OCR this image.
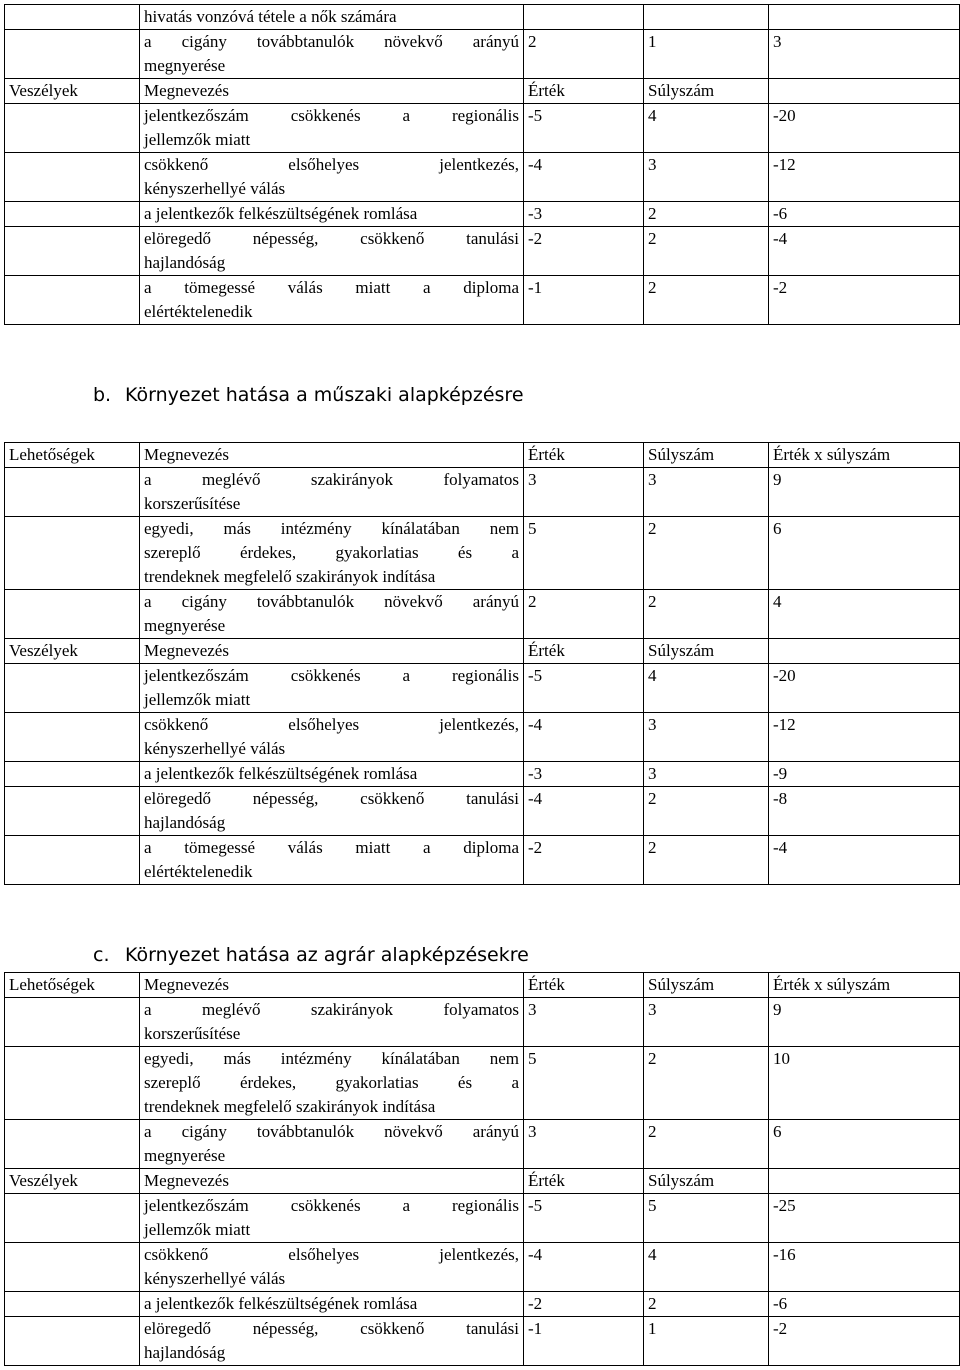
	hivatás vonzóvá tétele a nők számára			

	a cigány továbbtanulók növekvő arányú
megnyerése	2	1	3
Veszélyek	Megnevezés	Érték	Súlyszám	

	jelentkezőszám csökkenés a regionális
jellemzők miatt	-5	4	-20

	csökkenő elsőhelyes jelentkezés,
kényszerhellyé válás	-4	3	-12

	a jelentkezők felkészültségének romlása	-3	2	-6

	elöregedő népesség, csökkenő tanulási
hajlandóság	-2	2	-4

	a tömegessé válás miatt a diploma
elértéktelenedik	-1	2	-2
b. Környezet hatása a műszaki alapképzésre
Lehetőségek	Megnevezés	Érték	Súlyszám	Érték x súlyszám

	a meglévő szakirányok folyamatos
korszerűsítése	3	3	9

	egyedi, más intézmény kínálatában nem
szereplő érdekes, gyakorlatias és a
trendeknek megfelelő szakirányok indítása	5	2	6

	a cigány továbbtanulók növekvő arányú
megnyerése	2	2	4
Veszélyek	Megnevezés	Érték	Súlyszám	

	jelentkezőszám csökkenés a regionális
jellemzők miatt	-5	4	-20

	csökkenő elsőhelyes jelentkezés,
kényszerhellyé válás	-4	3	-12

	a jelentkezők felkészültségének romlása	-3	3	-9

	elöregedő népesség, csökkenő tanulási
hajlandóság	-4	2	-8

	a tömegessé válás miatt a diploma
elértéktelenedik	-2	2	-4
c. Környezet hatása az agrár alapképzésekre
Lehetőségek	Megnevezés	Érték	Súlyszám	Érték x súlyszám

	a meglévő szakirányok folyamatos
korszerűsítése	3	3	9

	egyedi, más intézmény kínálatában nem
szereplő érdekes, gyakorlatias és a
trendeknek megfelelő szakirányok indítása	5	2	10

	a cigány továbbtanulók növekvő arányú
megnyerése	3	2	6
Veszélyek	Megnevezés	Érték	Súlyszám	

	jelentkezőszám csökkenés a regionális
jellemzők miatt	-5	5	-25

	csökkenő elsőhelyes jelentkezés,
kényszerhellyé válás	-4	4	-16

	a jelentkezők felkészültségének romlása	-2	2	-6

	elöregedő népesség, csökkenő tanulási
hajlandóság	-1	1	-2
